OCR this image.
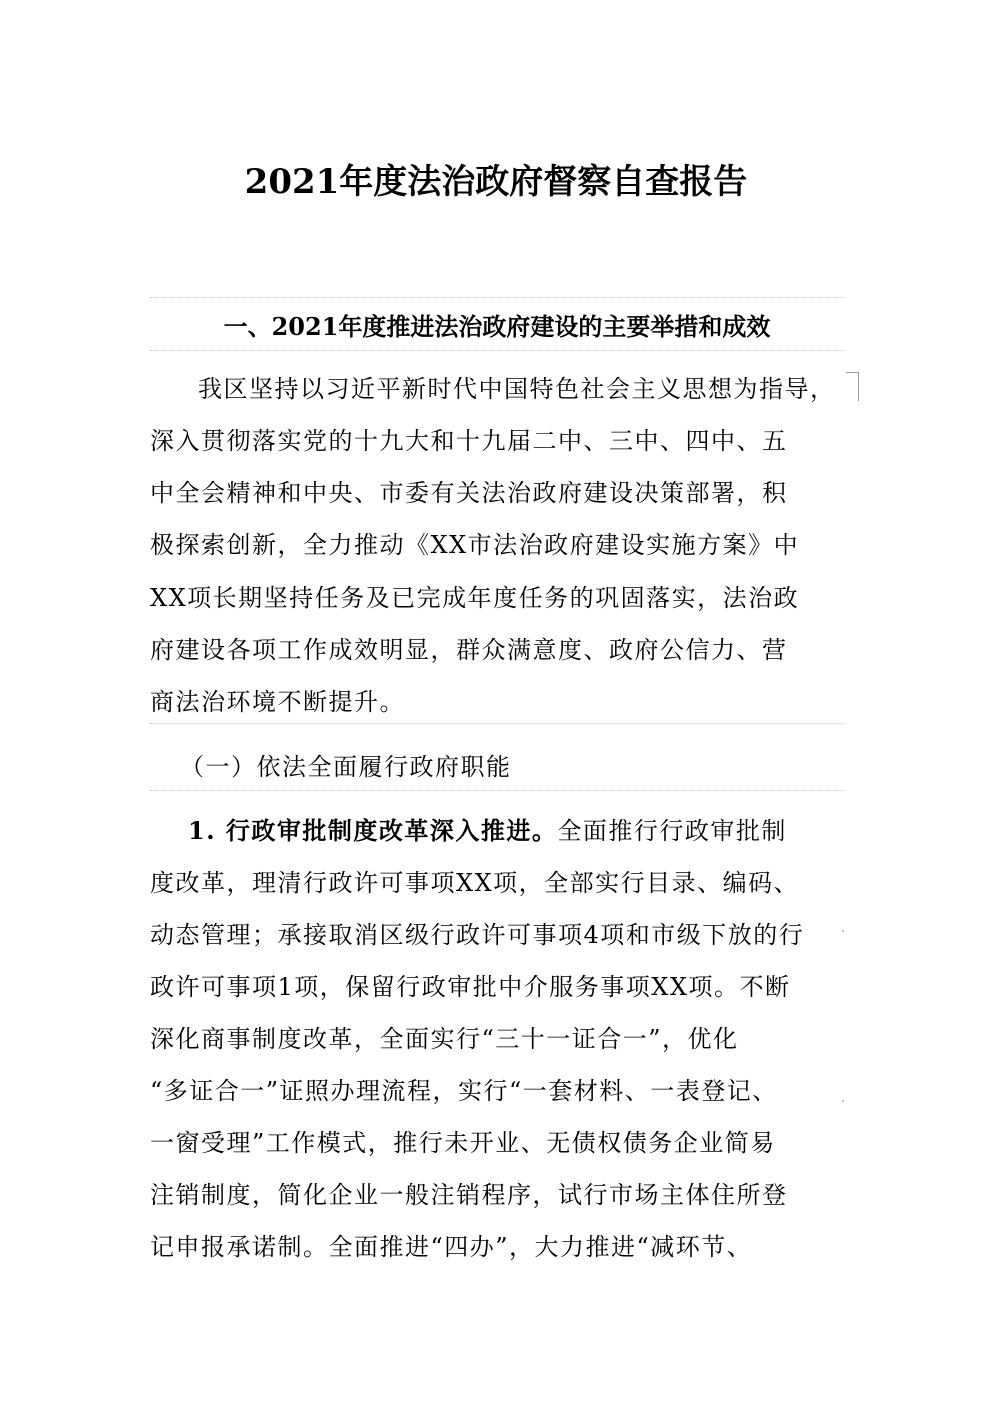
2021年度法治政府督察自查报告
一、2021年度推进法治政府建设的主要举措和成效
我区坚持以习近平新时代中国特色社会主义思想为指导，
深入贯彻落实党的十九大和十九届二中、三中、四中、五
中全会精神和中央、市委有关法治政府建设决策部署，积
极探索创新，全力推动《XX市法治政府建设实施方案》中
XX项长期坚持任务及已完成年度任务的巩固落实，法治政
府建设各项工作成效明显，群众满意度、政府公信力、营
商法治环境不断提升。
（一）依法全面履行政府职能
1. 行政审批制度改革深入推进。全面推行行政审批制
度改革，理清行政许可事项XX项，全部实行目录、编码、
动态管理；承接取消区级行政许可事项4项和市级下放的行
政许可事项1项，保留行政审批中介服务事项XX项。不断
深化商事制度改革，全面实行“三十一证合一”，优化
“多证合一”证照办理流程，实行“一套材料、一表登记、
一窗受理”工作模式，推行未开业、无债权债务企业简易
注销制度，简化企业一般注销程序，试行市场主体住所登
记申报承诺制。全面推进“四办”，大力推进“减环节、
